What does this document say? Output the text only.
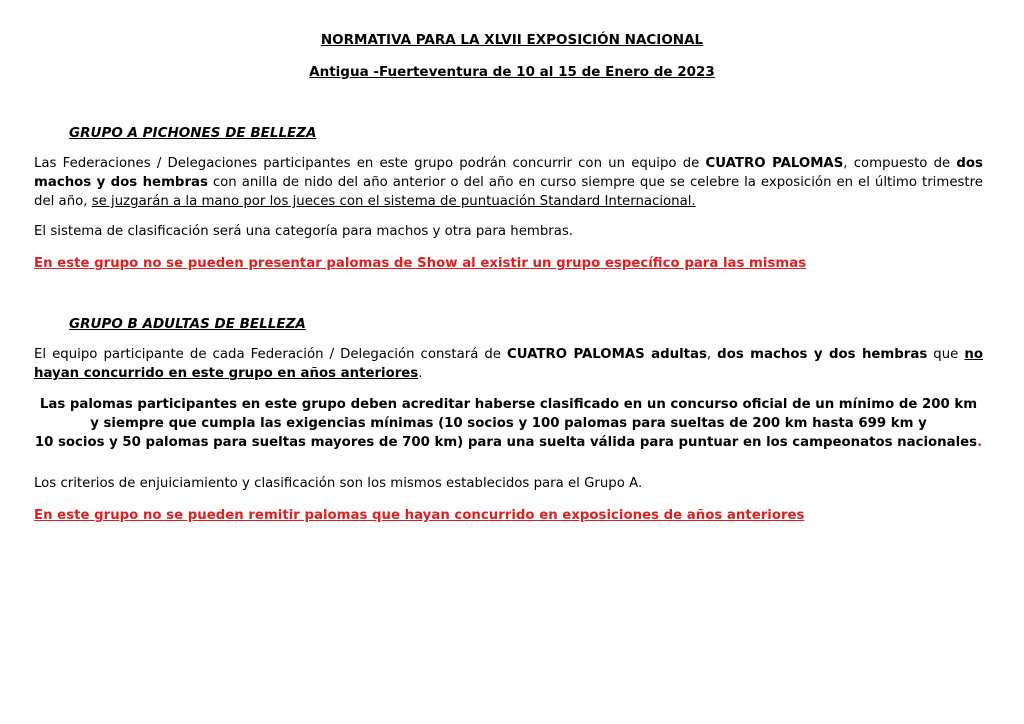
NORMATIVA PARA LA XLVII EXPOSICIÓN NACIONAL
Antigua -Fuerteventura de 10 al 15 de Enero de 2023
GRUPO A PICHONES DE BELLEZA

Las Federaciones / Delegaciones participantes en este grupo podrán concurrir con un equipo de CUATRO PALOMAS, compuesto de dos machos y dos hembras con anilla de nido del año anterior o del año en curso siempre que se celebre la exposición en el último trimestre del año, se juzgarán a la mano por los jueces con el sistema de puntuación Standard Internacional.

El sistema de clasificación será una categoría para machos y otra para hembras.

En este grupo no se pueden presentar palomas de Show al existir un grupo específico para las mismas
GRUPO B ADULTAS DE BELLEZA

El equipo participante de cada Federación / Delegación constará de CUATRO PALOMAS adultas, dos machos y dos hembras que no hayan concurrido en este grupo en años anteriores.

Las palomas participantes en este grupo deben acreditar haberse clasificado en un concurso oficial de un mínimo de 200 km
y siempre que cumpla las exigencias mínimas (10 socios y 100 palomas para sueltas de 200 km hasta 699 km y
10 socios y 50 palomas para sueltas mayores de 700 km) para una suelta válida para puntuar en los campeonatos nacionales.

Los criterios de enjuiciamiento y clasificación son los mismos establecidos para el Grupo A.

En este grupo no se pueden remitir palomas que hayan concurrido en exposiciones de años anteriores
